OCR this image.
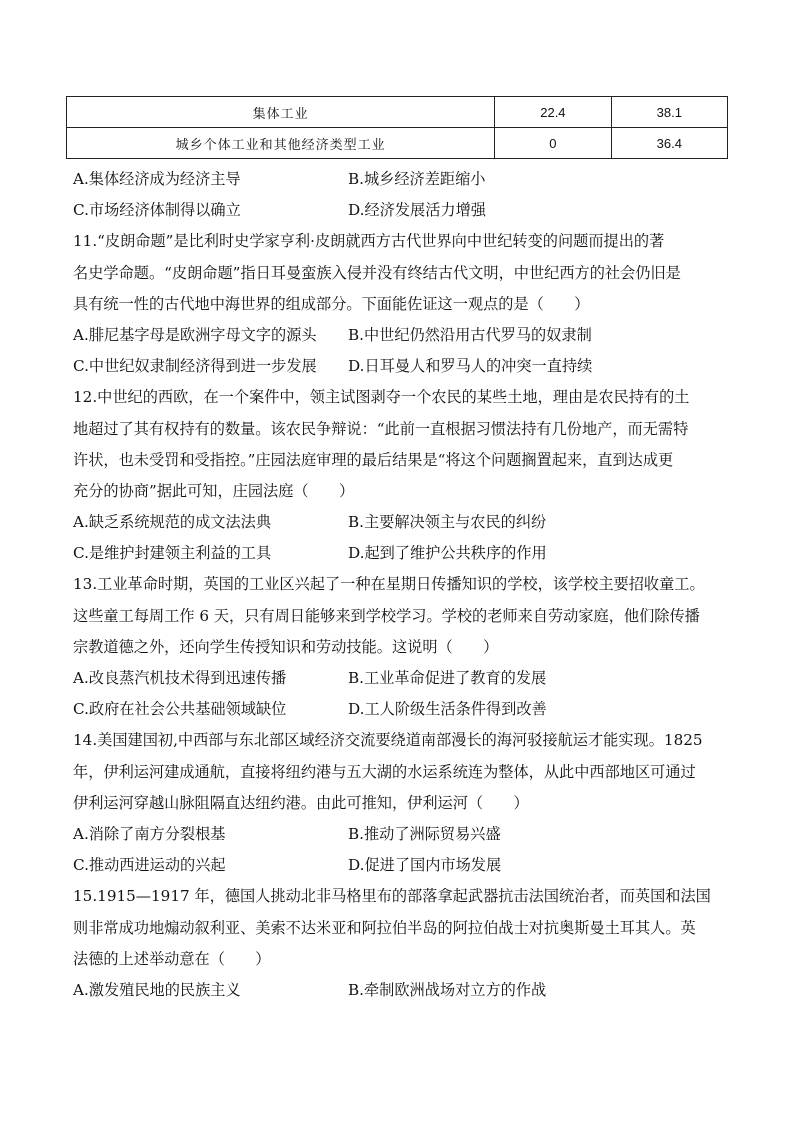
集体工业	22.4	38.1
城乡个体工业和其他经济类型工业	0	36.4
A.集体经济成为经济主导	B.城乡经济差距缩小
C.市场经济体制得以确立	D.经济发展活力增强
11.“皮朗命题”是比利时史学家亨利·皮朗就西方古代世界向中世纪转变的问题而提出的著
名史学命题。“皮朗命题”指日耳曼蛮族入侵并没有终结古代文明，中世纪西方的社会仍旧是
具有统一性的古代地中海世界的组成部分。下面能佐证这一观点的是（　　）
A.腓尼基字母是欧洲字母文字的源头	B.中世纪仍然沿用古代罗马的奴隶制
C.中世纪奴隶制经济得到进一步发展	D.日耳曼人和罗马人的冲突一直持续
12.中世纪的西欧，在一个案件中，领主试图剥夺一个农民的某些土地，理由是农民持有的土
地超过了其有权持有的数量。该农民争辩说：“此前一直根据习惯法持有几份地产，而无需特
许状，也未受罚和受指控。”庄园法庭审理的最后结果是“将这个问题搁置起来，直到达成更
充分的协商”据此可知，庄园法庭（　　）
A.缺乏系统规范的成文法法典	B.主要解决领主与农民的纠纷
C.是维护封建领主利益的工具	D.起到了维护公共秩序的作用
13.工业革命时期，英国的工业区兴起了一种在星期日传播知识的学校，该学校主要招收童工。
这些童工每周工作 6 天，只有周日能够来到学校学习。学校的老师来自劳动家庭，他们除传播
宗教道德之外，还向学生传授知识和劳动技能。这说明（　　）
A.改良蒸汽机技术得到迅速传播	B.工业革命促进了教育的发展
C.政府在社会公共基础领域缺位	D.工人阶级生活条件得到改善
14.美国建国初,中西部与东北部区域经济交流要绕道南部漫长的海河驳接航运才能实现。1825
年，伊利运河建成通航，直接将纽约港与五大湖的水运系统连为整体，从此中西部地区可通过
伊利运河穿越山脉阻隔直达纽约港。由此可推知，伊利运河（　　）
A.消除了南方分裂根基	B.推动了洲际贸易兴盛
C.推动西进运动的兴起	D.促进了国内市场发展
15.1915—1917 年，德国人挑动北非马格里布的部落拿起武器抗击法国统治者，而英国和法国
则非常成功地煽动叙利亚、美索不达米亚和阿拉伯半岛的阿拉伯战士对抗奥斯曼土耳其人。英
法德的上述举动意在（　　）
A.激发殖民地的民族主义	B.牵制欧洲战场对立方的作战
